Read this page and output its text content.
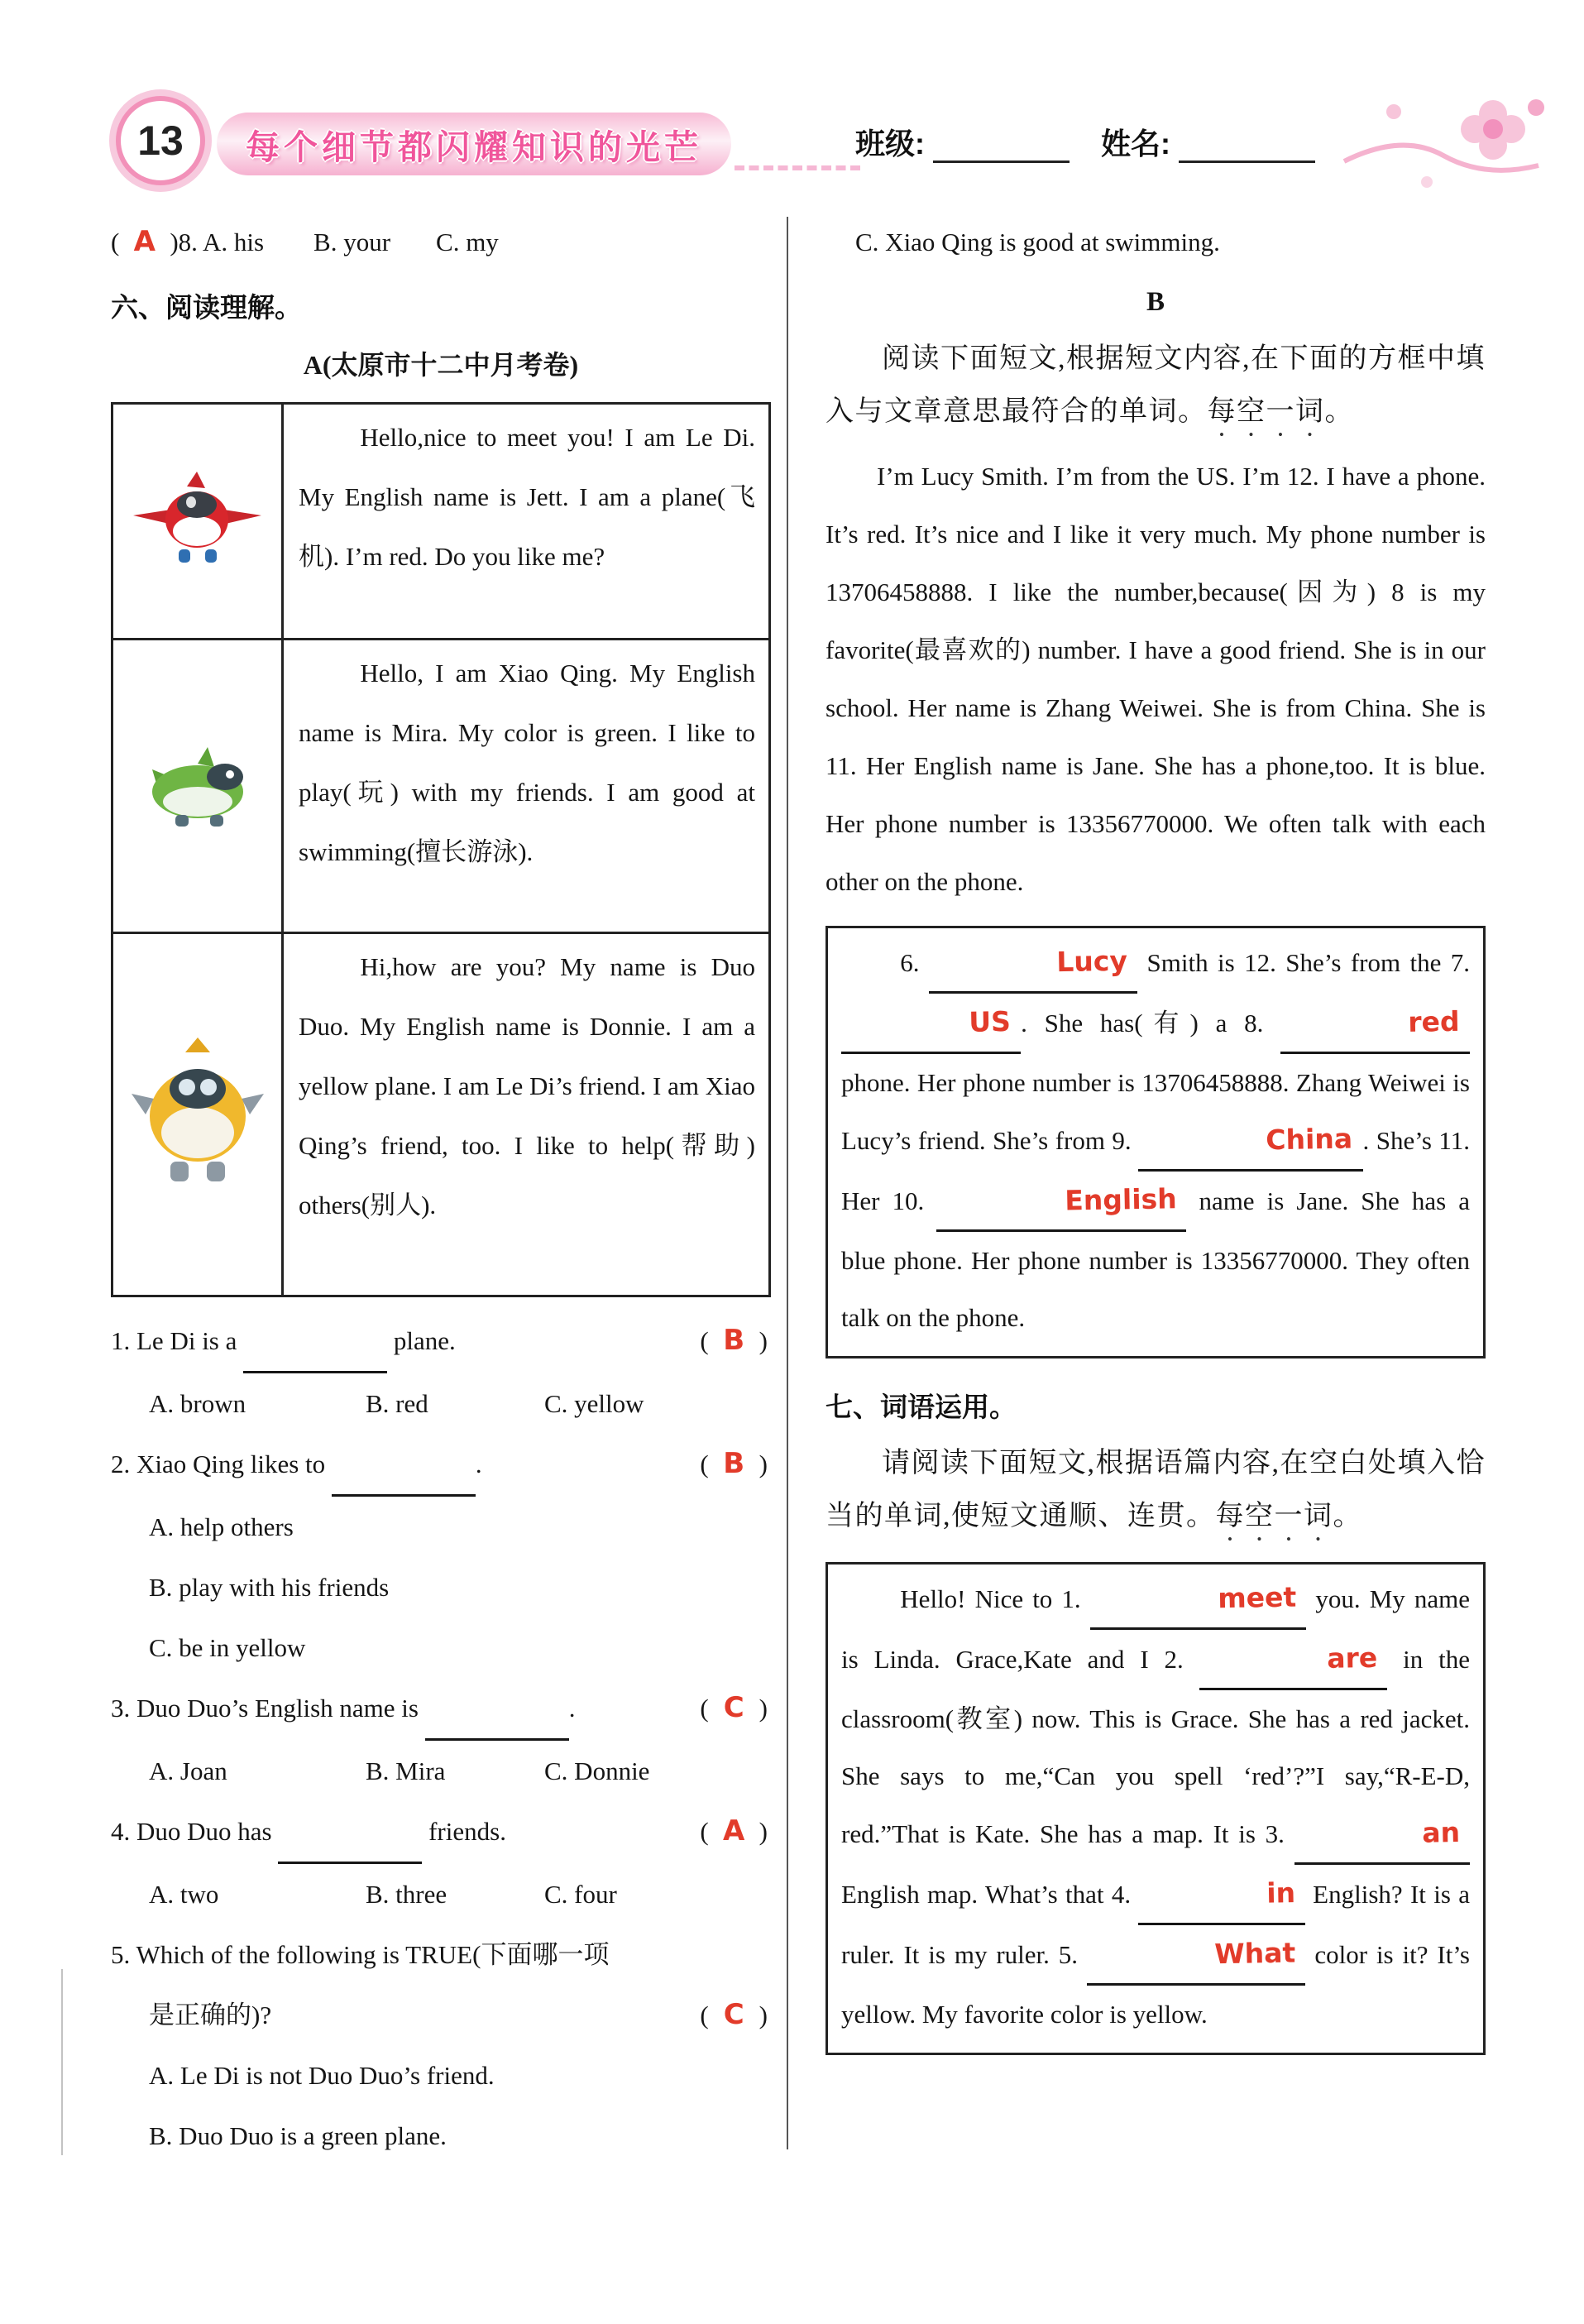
13 每个细节都闪耀知识的光芒	班级:	姓名:
(  A  ) 8. A. his B. your C. my
六、阅读理解。
A(太原市十二中月考卷)
Hello,nice to meet you! I am Le Di. My English name is Jett. I am a plane(飞机). I’m red. Do you like me?
Hello, I am Xiao Qing. My English name is Mira. My color is green. I like to play(玩) with my friends. I am good at swimming(擅长游泳).
Hi,how are you? My name is Duo Duo. My English name is Donnie. I am a yellow plane. I am Le Di’s friend. I am Xiao Qing’s friend, too. I like to help(帮助) others(别人).
1. Le Di is a	plane.	(  B  )
A. brown	B. red	C. yellow
2. Xiao Qing likes to	.	(  B  )
A. help others
B. play with his friends
C. be in yellow
3. Duo Duo’s English name is	.	(  C  )
A. Joan	B. Mira	C. Donnie
4. Duo Duo has	friends.	(  A  )
A. two	B. three	C. four
5. Which of the following is TRUE(下面哪一项
是正确的)?	(  C  )
A. Le Di is not Duo Duo’s friend.
B. Duo Duo is a green plane.
C. Xiao Qing is good at swimming.
B

阅读下面短文,根据短文内容,在下面的方框中填入与文章意思最符合的单词。每空一词。

I’m Lucy Smith. I’m from the US. I’m 12. I have a phone. It’s red. It’s nice and I like it very much. My phone number is 13706458888. I like the number,because(因为) 8 is my favorite(最喜欢的) number. I have a good friend. She is in our school. Her name is Zhang Weiwei. She is from China. She is 11. Her English name is Jane. She has a phone,too. It is blue. Her phone number is 13356770000. We often talk with each other on the phone.

6.	Lucy Smith is 12. She’s from the 7. US . She has(有) a 8.	red phone. Her phone number is 13706458888. Zhang Weiwei is Lucy’s friend. She’s from 9.	China . She’s 11. Her 10.	English name is Jane. She has a blue phone. Her phone number is 13356770000. They often talk on the phone.

七、词语运用。

请阅读下面短文,根据语篇内容,在空白处填入恰当的单词,使短文通顺、连贯。每空一词。

Hello! Nice to 1.	meet you. My name is Linda. Grace,Kate and I 2.	are in the classroom(教室) now. This is Grace. She has a red jacket. She says to me,“Can you spell ‘red’?”I say,“R-E-D, red.”That is Kate. She has a map. It is 3.	an English map. What’s that 4.	in English? It is a ruler. It is my ruler. 5.	What color is it? It’s yellow. My favorite color is yellow.
